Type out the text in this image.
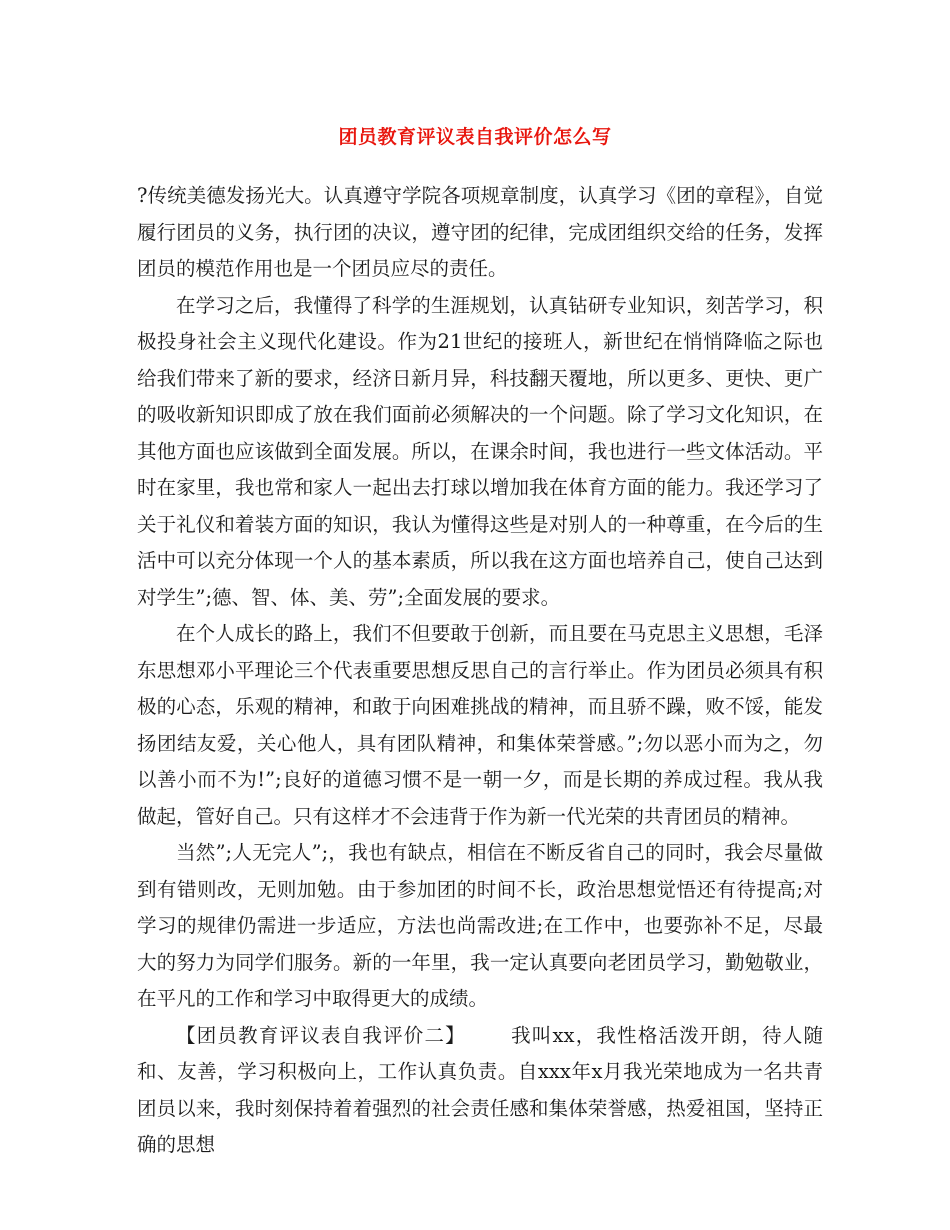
团员教育评议表自我评价怎么写

?传统美德发扬光大。认真遵守学院各项规章制度，认真学习《团的章程》，自觉履行团员的义务，执行团的决议，遵守团的纪律，完成团组织交给的任务，发挥团员的模范作用也是一个团员应尽的责任。

在学习之后，我懂得了科学的生涯规划，认真钻研专业知识，刻苦学习，积极投身社会主义现代化建设。作为21世纪的接班人，新世纪在悄悄降临之际也给我们带来了新的要求，经济日新月异，科技翻天覆地，所以更多、更快、更广的吸收新知识即成了放在我们面前必须解决的一个问题。除了学习文化知识，在其他方面也应该做到全面发展。所以，在课余时间，我也进行一些文体活动。平时在家里，我也常和家人一起出去打球以增加我在体育方面的能力。我还学习了关于礼仪和着装方面的知识，我认为懂得这些是对别人的一种尊重，在今后的生活中可以充分体现一个人的基本素质，所以我在这方面也培养自己，使自己达到对学生”;德、智、体、美、劳”;全面发展的要求。

在个人成长的路上，我们不但要敢于创新，而且要在马克思主义思想，毛泽东思想邓小平理论三个代表重要思想反思自己的言行举止。作为团员必须具有积极的心态，乐观的精神，和敢于向困难挑战的精神，而且骄不躁，败不馁，能发扬团结友爱，关心他人，具有团队精神，和集体荣誉感。”;勿以恶小而为之，勿以善小而不为!”;良好的道德习惯不是一朝一夕，而是长期的养成过程。我从我做起，管好自己。只有这样才不会违背于作为新一代光荣的共青团员的精神。

当然”;人无完人”;，我也有缺点，相信在不断反省自己的同时，我会尽量做到有错则改，无则加勉。由于参加团的时间不长，政治思想觉悟还有待提高;对学习的规律仍需进一步适应，方法也尚需改进;在工作中，也要弥补不足，尽最大的努力为同学们服务。新的一年里，我一定认真要向老团员学习，勤勉敬业，在平凡的工作和学习中取得更大的成绩。

【团员教育评议表自我评价二】 我叫xx，我性格活泼开朗，待人随和、友善，学习积极向上，工作认真负责。自xxx年x月我光荣地成为一名共青团员以来，我时刻保持着着强烈的社会责任感和集体荣誉感，热爱祖国，坚持正确的思想
